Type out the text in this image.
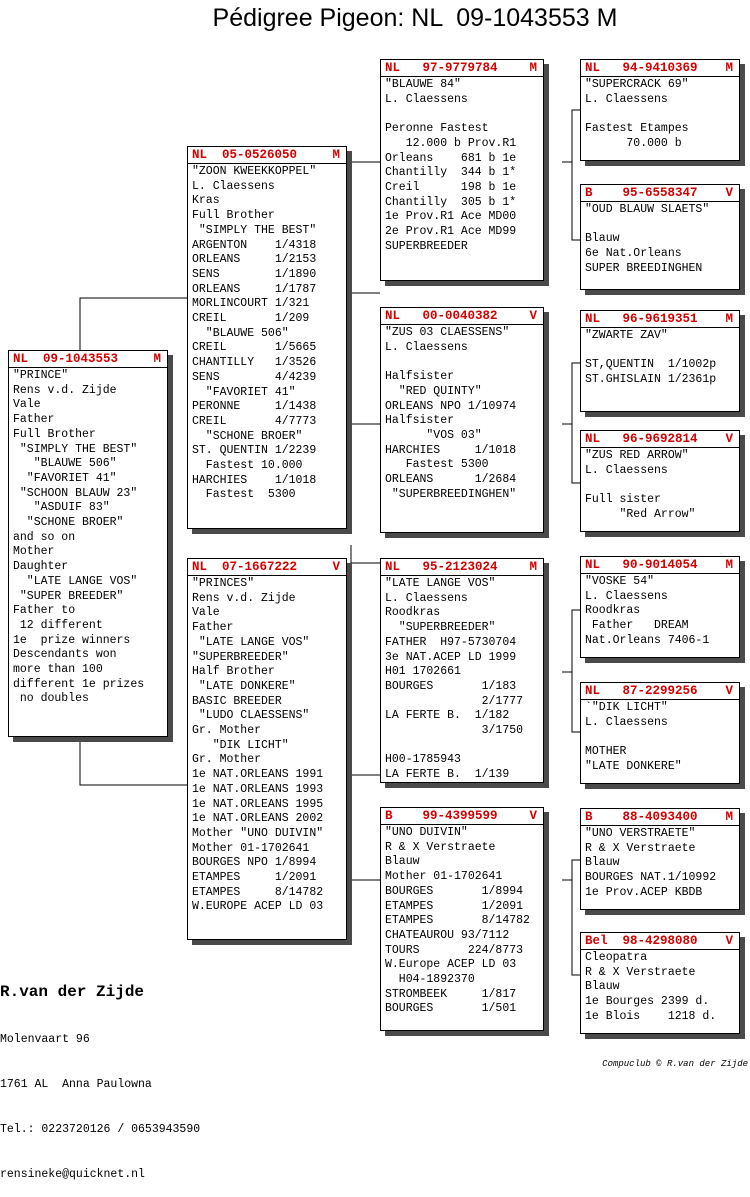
Pédigree Pigeon: NL  09-1043553 M
NL  09-1043553	M
"PRINCE"
Rens v.d. Zijde
Vale
Father
Full Brother
"SIMPLY THE BEST"
"BLAUWE 506"
"FAVORIET 41"
"SCHOON BLAUW 23"
"ASDUIF 83"
"SCHONE BROER"
and so on
Mother
Daughter
"LATE LANGE VOS"
"SUPER BREEDER"
Father to
12 different
1e  prize winners
Descendants won
more than 100
different 1e prizes
no doubles
NL  05-0526050	M
"ZOON KWEEKKOPPEL"
L. Claessens
Kras
Full Brother
"SIMPLY THE BEST"
ARGENTON    1/4318
ORLEANS     1/2153
SENS        1/1890
ORLEANS     1/1787
MORLINCOURT 1/321
CREIL       1/209
"BLAUWE 506"
CREIL       1/5665
CHANTILLY   1/3526
SENS        4/4239
"FAVORIET 41"
PERONNE     1/1438
CREIL       4/7773
"SCHONE BROER"
ST. QUENTIN 1/2239
Fastest 10.000
HARCHIES    1/1018
Fastest  5300
NL  07-1667222	V
"PRINCES"
Rens v.d. Zijde
Vale
Father
"LATE LANGE VOS"
"SUPERBREEDER"
Half Brother
"LATE DONKERE"
BASIC BREEDER
"LUDO CLAESSENS"
Gr. Mother
"DIK LICHT"
Gr. Mother
1e NAT.ORLEANS 1991
1e NAT.ORLEANS 1993
1e NAT.ORLEANS 1995
1e NAT.ORLEANS 2002
Mother "UNO DUIVIN"
Mother 01-1702641
BOURGES NPO 1/8994
ETAMPES     1/2091
ETAMPES     8/14782
W.EUROPE ACEP LD 03
NL   97-9779784	M
"BLAUWE 84"
L. Claessens

Peronne Fastest
12.000 b Prov.R1
Orleans    681 b 1e
Chantilly  344 b 1*
Creil      198 b 1e
Chantilly  305 b 1*
1e Prov.R1 Ace MD00
2e Prov.R1 Ace MD99
SUPERBREEDER
NL   00-0040382	V
"ZUS 03 CLAESSENS"
L. Claessens

Halfsister
"RED QUINTY"
ORLEANS NPO 1/10974
Halfsister
"VOS 03"
HARCHIES     1/1018
Fastest 5300
ORLEANS      1/2684
"SUPERBREEDINGHEN"
NL   95-2123024	M
"LATE LANGE VOS"
L. Claessens
Roodkras
"SUPERBREEDER"
FATHER  H97-5730704
3e NAT.ACEP LD 1999
H01 1702661
BOURGES       1/183
2/1777
LA FERTE B.  1/182
3/1750

H00-1785943
LA FERTE B.  1/139
B    99-4399599	V
"UNO DUIVIN"
R & X Verstraete
Blauw
Mother 01-1702641
BOURGES       1/8994
ETAMPES       1/2091
ETAMPES       8/14782
CHATEAUROU 93/7112
TOURS       224/8773
W.Europe ACEP LD 03
H04-1892370
STROMBEEK     1/817
BOURGES       1/501
NL   94-9410369 M
"SUPERCRACK 69"
L. Claessens

Fastest Etampes
70.000 b
B    95-6558347 V
"OUD BLAUW SLAETS"

Blauw
6e Nat.Orleans
SUPER BREEDINGHEN
NL   96-9619351 M
"ZWARTE ZAV"

ST,QUENTIN  1/1002p
ST.GHISLAIN 1/2361p
NL   96-9692814 V
"ZUS RED ARROW"
L. Claessens

Full sister
"Red Arrow"
NL   90-9014054 M
"VOSKE 54"
L. Claessens
Roodkras
Father   DREAM
Nat.Orleans 7406-1
NL   87-2299256 V
`"DIK LICHT"
L. Claessens

MOTHER
"LATE DONKERE"
B    88-4093400 M
"UNO VERSTRAETE"
R & X Verstraete
Blauw
BOURGES NAT.1/10992
1e Prov.ACEP KBDB
Bel  98-4298080 V
Cleopatra
R & X Verstraete
Blauw
1e Bourges 2399 d.
1e Blois    1218 d.

R.van der Zijde

Molenvaart 96

1761 AL  Anna Paulowna

Tel.: 0223720126 / 0653943590

rensineke@quicknet.nl

Compuclub © R.van der Zijde
